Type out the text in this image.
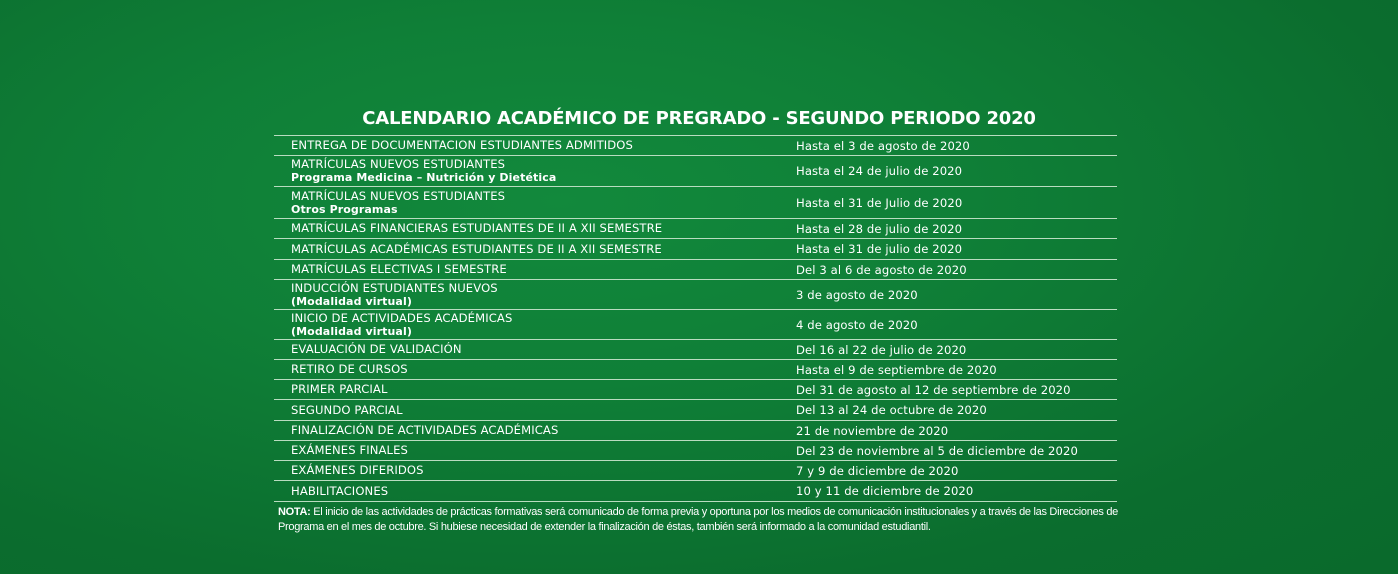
CALENDARIO ACADÉMICO DE PREGRADO - SEGUNDO PERIODO 2020
ENTREGA DE DOCUMENTACION ESTUDIANTES ADMITIDOS	Hasta el 3 de agosto de 2020
MATRÍCULAS NUEVOS ESTUDIANTES
Programa Medicina – Nutrición y Dietética	Hasta el 24 de julio de 2020
MATRÍCULAS NUEVOS ESTUDIANTES
Otros Programas	Hasta el 31 de Julio de 2020
MATRÍCULAS FINANCIERAS ESTUDIANTES DE II A XII SEMESTRE	Hasta el 28 de julio de 2020
MATRÍCULAS ACADÉMICAS ESTUDIANTES DE II A XII SEMESTRE	Hasta el 31 de julio de 2020
MATRÍCULAS ELECTIVAS I SEMESTRE	Del 3 al 6 de agosto de 2020
INDUCCIÓN ESTUDIANTES NUEVOS
(Modalidad virtual)	3 de agosto de 2020
INICIO DE ACTIVIDADES ACADÉMICAS
(Modalidad virtual)	4 de agosto de 2020
EVALUACIÓN DE VALIDACIÓN	Del 16 al 22 de julio de 2020
RETIRO DE CURSOS	Hasta el 9 de septiembre de 2020
PRIMER PARCIAL	Del 31 de agosto al 12 de septiembre de 2020
SEGUNDO PARCIAL	Del 13 al 24 de octubre de 2020
FINALIZACIÓN DE ACTIVIDADES ACADÉMICAS	21 de noviembre de 2020
EXÁMENES FINALES	Del 23 de noviembre al 5 de diciembre de 2020
EXÁMENES DIFERIDOS	7 y 9 de diciembre de 2020
HABILITACIONES	10 y 11 de diciembre de 2020
NOTA: El inicio de las actividades de prácticas formativas será comunicado de forma previa y oportuna por los medios de comunicación institucionales y a través de las Direcciones de Programa en el mes de octubre. Si hubiese necesidad de extender la finalización de éstas, también será informado a la comunidad estudiantil.
